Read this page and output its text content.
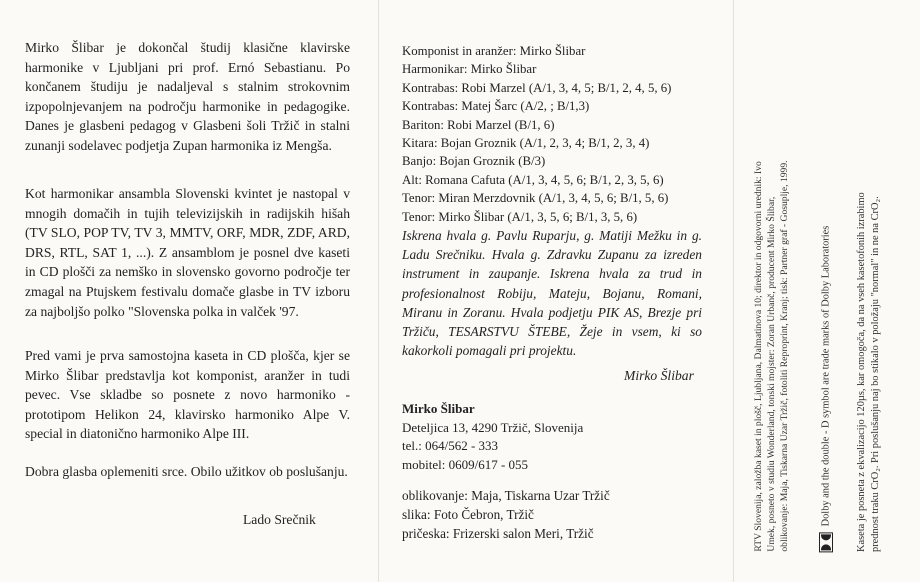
Mirko Šlibar je dokončal študij klasične klavirske harmonike v Ljubljani pri prof. Ernó Sebastianu. Po končanem študiju je nadaljeval s stalnim strokovnim izpopolnjevanjem na področju harmonike in pedagogike. Danes je glasbeni pedagog v Glasbeni šoli Tržič in stalni zunanji sodelavec podjetja Zupan harmonika iz Mengša.

Kot harmonikar ansambla Slovenski kvintet je nastopal v mnogih domačih in tujih televizijskih in radijskih hišah (TV SLO, POP TV, TV 3, MMTV, ORF, MDR, ZDF, ARD, DRS, RTL, SAT 1, ...). Z ansamblom je posnel dve kaseti in CD plošči za nemško in slovensko govorno področje ter zmagal na Ptujskem festivalu domače glasbe in TV izboru za najboljšo polko "Slovenska polka in valček '97.

Pred vami je prva samostojna kaseta in CD plošča, kjer se Mirko Šlibar predstavlja kot komponist, aranžer in tudi pevec. Vse skladbe so posnete z novo harmoniko - prototipom Helikon 24, klavirsko harmoniko Alpe V. special in diatonično harmoniko Alpe III.

Dobra glasba oplemeniti srce. Obilo užitkov ob poslušanju.

Lado Srečnik
Komponist in aranžer: Mirko Šlibar
Harmonikar: Mirko Šlibar
Kontrabas: Robi Marzel (A/1, 3, 4, 5; B/1, 2, 4, 5, 6)
Kontrabas: Matej Šarc (A/2, ; B/1,3)
Bariton: Robi Marzel (B/1, 6)
Kitara: Bojan Groznik (A/1, 2, 3, 4; B/1, 2, 3, 4)
Banjo: Bojan Groznik (B/3)
Alt: Romana Cafuta (A/1, 3, 4, 5, 6; B/1, 2, 3, 5, 6)
Tenor: Miran Merzdovnik (A/1, 3, 4, 5, 6; B/1, 5, 6)
Tenor: Mirko Šlibar (A/1, 3, 5, 6; B/1, 3, 5, 6)
Iskrena hvala g. Pavlu Ruparju, g. Matiji Mežku in g. Ladu Srečniku. Hvala g. Zdravku Zupanu za izreden instrument in zaupanje. Iskrena hvala za trud in profesionalnost Robiju, Mateju, Bojanu, Romani, Miranu in Zoranu. Hvala podjetju PIK AS, Brezje pri Tržiču, TESARSTVU ŠTEBE, Žeje in vsem, ki so kakorkoli pomagali pri projektu.
Mirko Šlibar
Mirko Šlibar
Deteljica 13, 4290 Tržič, Slovenija
tel.: 064/562 - 333
mobitel: 0609/617 - 055
oblikovanje: Maja, Tiskarna Uzar Tržič
slika: Foto Čebron, Tržič
pričeska: Frizerski salon Meri, Tržič	RTV Slovenija, založba kaset in plošč, Ljubljana, Dalmatinova 10; direktor in odgovorni urednik: Ivo Umek, posneto v studiu Wonderland, tonski mojster: Zoran Urbanč, producent Mirko Šlibar, oblikovanje: Maja, Tiskarna Uzar Tržič, fotoliti Reproprint, Kranj; tisk: Partner graf - Gosuplje, 1999.	Dolby and the double - D symbol are trade marks of Dolby Laboratories Kaseta je posneta z ekvalizacijo 120µs, kar omogoča, da na vseh kasetofonih izrabimo prednost traku CrO₂. Pri poslušanju naj bo stikalo v položaju "normal" in ne na CrO₂.
